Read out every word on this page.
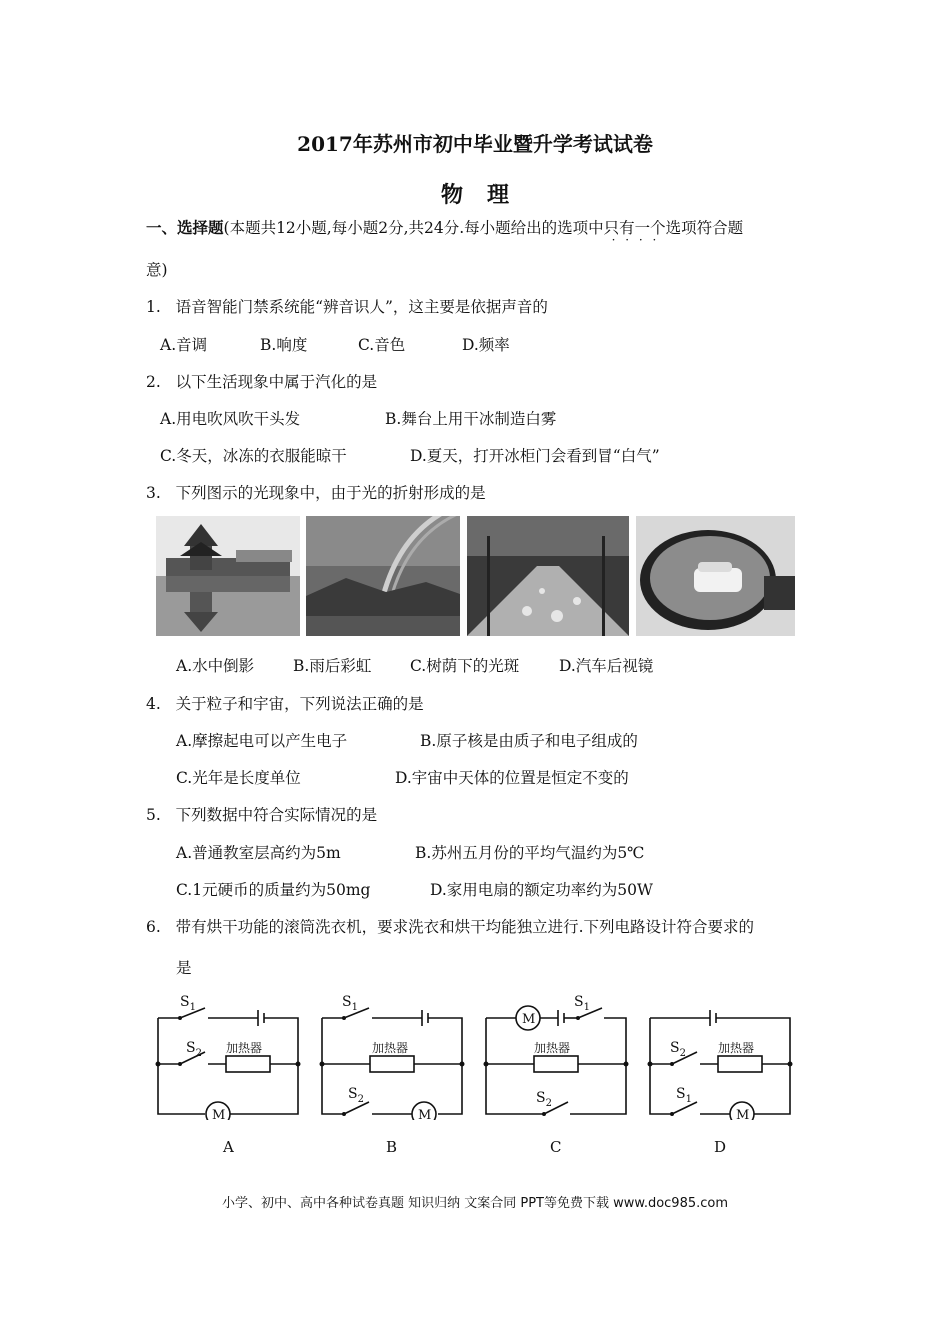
2017年苏州市初中毕业暨升学考试试卷
物理
一、选择题(本题共12小题,每小题2分,共24分.每小题给出的选项中只有一个 · · · ·选项符合题
意)
1. 语音智能门禁系统能“辨音识人”，这主要是依据声音的
A.音调	B.响度	C.音色	D.频率
2. 以下生活现象中属于汽化的是
A.用电吹风吹干头发	B.舞台上用干冰制造白雾
C.冬天，冰冻的衣服能晾干	D.夏天，打开冰柜门会看到冒“白气”
3. 下列图示的光现象中，由于光的折射形成的是
A.水中倒影	B.雨后彩虹 C.树荫下的光斑	D.汽车后视镜
4. 关于粒子和宇宙，下列说法正确的是
A.摩擦起电可以产生电子	B.原子核是由质子和电子组成的
C.光年是长度单位	D.宇宙中天体的位置是恒定不变的
5. 下列数据中符合实际情况的是
A.普通教室层高约为5m	B.苏州五月份的平均气温约为5℃
C.1元硬币的质量约为50mg	D.家用电扇的额定功率约为50W
6. 带有烘干功能的滚筒洗衣机，要求洗衣和烘干均能独立进行.下列电路设计符合要求的
是
$S_1$
$S_2$ 加热器
M
A
$S_1$
$S_2$
加热器
M
B
$S_1$
$S_2$
加热器
M
C
$S_2$
$S_1$
加热器
M
D
小学、初中、高中各种试卷真题 知识归纳 文案合同 PPT等免费下载 www.doc985.com
